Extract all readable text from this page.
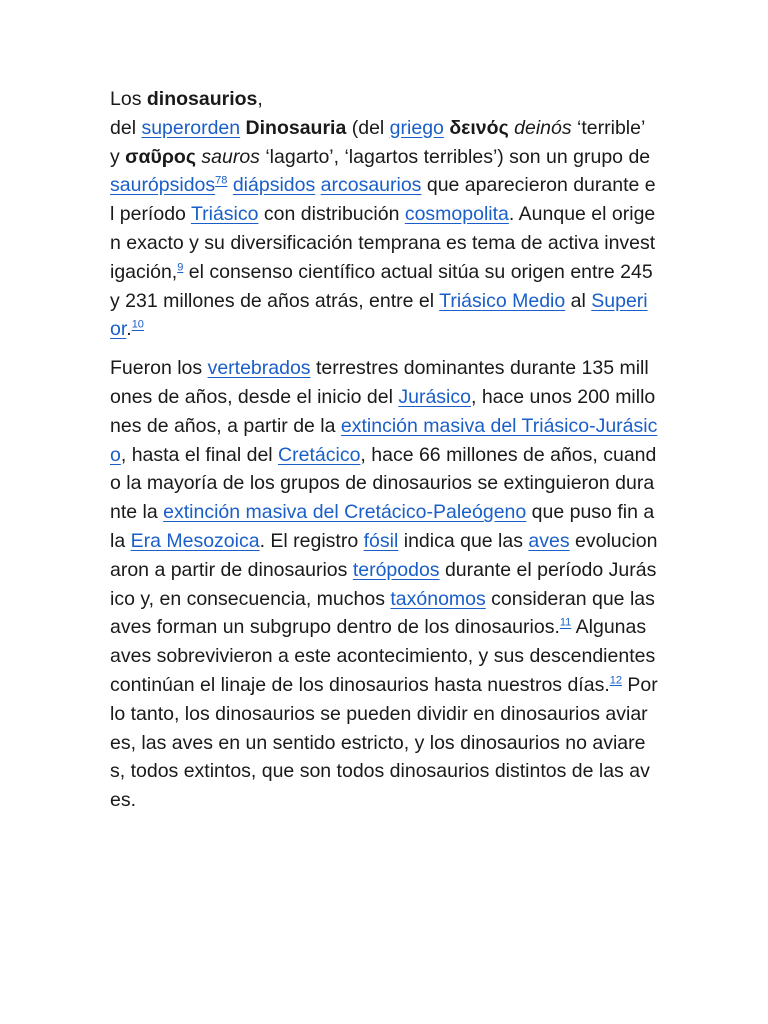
Los dinosaurios,
del superorden Dinosauria (del griego δεινός deinós ‘terrible’ y σαῦρος sauros ‘lagarto’, ‘lagartos terribles’) son un grupo de saurópsidos$^{78}$ diápsidos arcosaurios que aparecieron durante el período Triásico con distribución cosmopolita. Aunque el origen exacto y su diversificación temprana es tema de activa investigación,$^9$ el consenso científico actual sitúa su origen entre 245 y 231 millones de años atrás, entre el Triásico Medio al Superior.$^{10}$

Fueron los vertebrados terrestres dominantes durante 135 millones de años, desde el inicio del Jurásico, hace unos 200 millones de años, a partir de la extinción masiva del Triásico-Jurásico, hasta el final del Cretácico, hace 66 millones de años, cuando la mayoría de los grupos de dinosaurios se extinguieron durante la extinción masiva del Cretácico-Paleógeno que puso fin a la Era Mesozoica. El registro fósil indica que las aves evolucionaron a partir de dinosaurios terópodos durante el período Jurásico y, en consecuencia, muchos taxónomos consideran que las aves forman un subgrupo dentro de los dinosaurios.$^{11}$ Algunas aves sobrevivieron a este acontecimiento, y sus descendientes continúan el linaje de los dinosaurios hasta nuestros días.$^{12}$ Por lo tanto, los dinosaurios se pueden dividir en dinosaurios aviares, las aves en un sentido estricto, y los dinosaurios no aviares, todos extintos, que son todos dinosaurios distintos de las aves.
